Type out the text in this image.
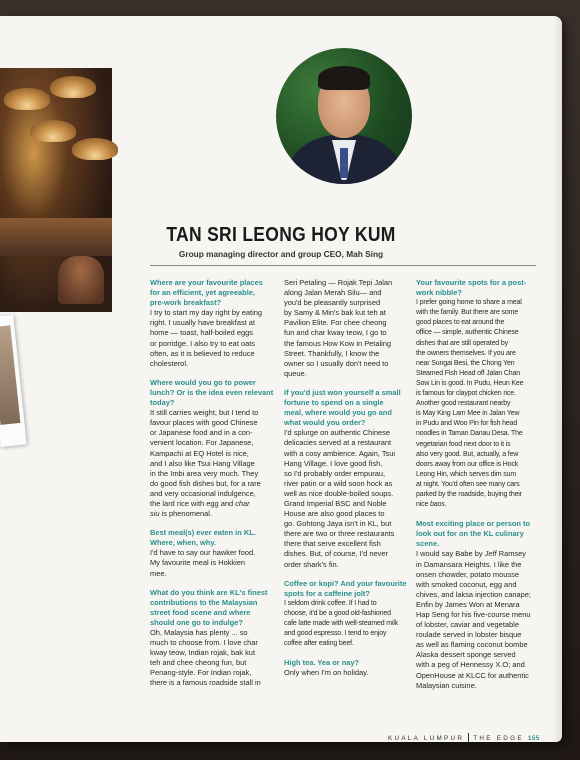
TAN SRI LEONG HOY KUM
Group managing director and group CEO, Mah Sing

Where are your favourite places
for an efficient, yet agreeable,
pre-work breakfast?

I try to start my day right by eating
right. I usually have breakfast at
home — toast, half-boiled eggs
or porridge. I also try to eat oats
often, as it is believed to reduce
cholesterol.

Where would you go to power
lunch? Or is the idea even relevant
today?

It still carries weight, but I tend to
favour places with good Chinese
or Japanese food and in a con-
venient location. For Japanese,
Kampachi at EQ Hotel is nice,
and I also like Tsui Hang Village
in the Imbi area very much. They
do good fish dishes but, for a rare
and very occasional indulgence,
the lard rice with egg and char
siu is phenomenal.

Best meal(s) ever eaten in KL.
Where, when, why.

I'd have to say our hawker food.
My favourite meal is Hokkien
mee.

What do you think are KL's finest
contributions to the Malaysian
street food scene and where
should one go to indulge?

Oh, Malaysia has plenty ... so
much to choose from. I love char
kway teow, Indian rojak, bak kut
teh and chee cheong fun, but
Penang-style. For Indian rojak,
there is a famous roadside stall in

Seri Petaling — Rojak Tepi Jalan
along Jalan Merah Silu— and
you'd be pleasantly surprised
by Samy & Min's bak kut teh at
Pavilion Elite. For chee cheong
fun and char kway teow, I go to
the famous How Kow in Petaling
Street. Thankfully, I know the
owner so I usually don't need to
queue.

If you'd just won yourself a small
fortune to spend on a single
meal, where would you go and
what would you order?

I'd splurge on authentic Chinese
delicacies served at a restaurant
with a cosy ambience. Again, Tsui
Hang Village. I love good fish,
so I'd probably order empurau,
river patin or a wild soon hock as
well as nice double-boiled soups.
Grand Imperial BSC and Noble
House are also good places to
go. Gohtong Jaya isn't in KL, but
there are two or three restaurants
there that serve excellent fish
dishes. But, of course, I'd never
order shark's fin.

Coffee or kopi? And your favourite
spots for a caffeine jolt?

I seldom drink coffee. If I had to
choose, it'd be a good old-fashioned
cafe latte made with well-steamed milk
and good espresso. I tend to enjoy
coffee after eating beef.

High tea. Yea or nay?

Only when I'm on holiday.

Your favourite spots for a post-
work nibble?

I prefer going home to share a meal
with the family. But there are some
good places to eat around the
office — simple, authentic Chinese
dishes that are still operated by
the owners themselves. If you are
near Sungai Besi, the Chong Yen
Steamed Fish Head off Jalan Chan
Sow Lin is good. In Pudu, Heun Kee
is famous for claypot chicken rice.
Another good restaurant nearby
is May King Lam Mee in Jalan Yew
in Pudu and Woo Pin for fish head
noodles in Taman Danau Desa. The
vegetarian food next door to it is
also very good. But, actually, a few
doors away from our office is Hock
Leong Hin, which serves dim sum
at night. You'd often see many cars
parked by the roadside, buying their
nice baos.

Most exciting place or person to
look out for on the KL culinary
scene.

I would say Babe by Jeff Ramsey
in Damansara Heights. I like the
onsen chowder, potato mousse
with smoked coconut, egg and
chives, and laksa injection canape;
Enfin by James Won at Menara
Hap Seng for his five-course menu
of lobster, caviar and vegetable
roulade served in lobster bisque
as well as flaming coconut bombe
Alaska dessert sponge served
with a peg of Hennessy X.O; and
OpenHouse at KLCC for authentic
Malaysian cuisine.

KUALA LUMPUR THE EDGE 155
